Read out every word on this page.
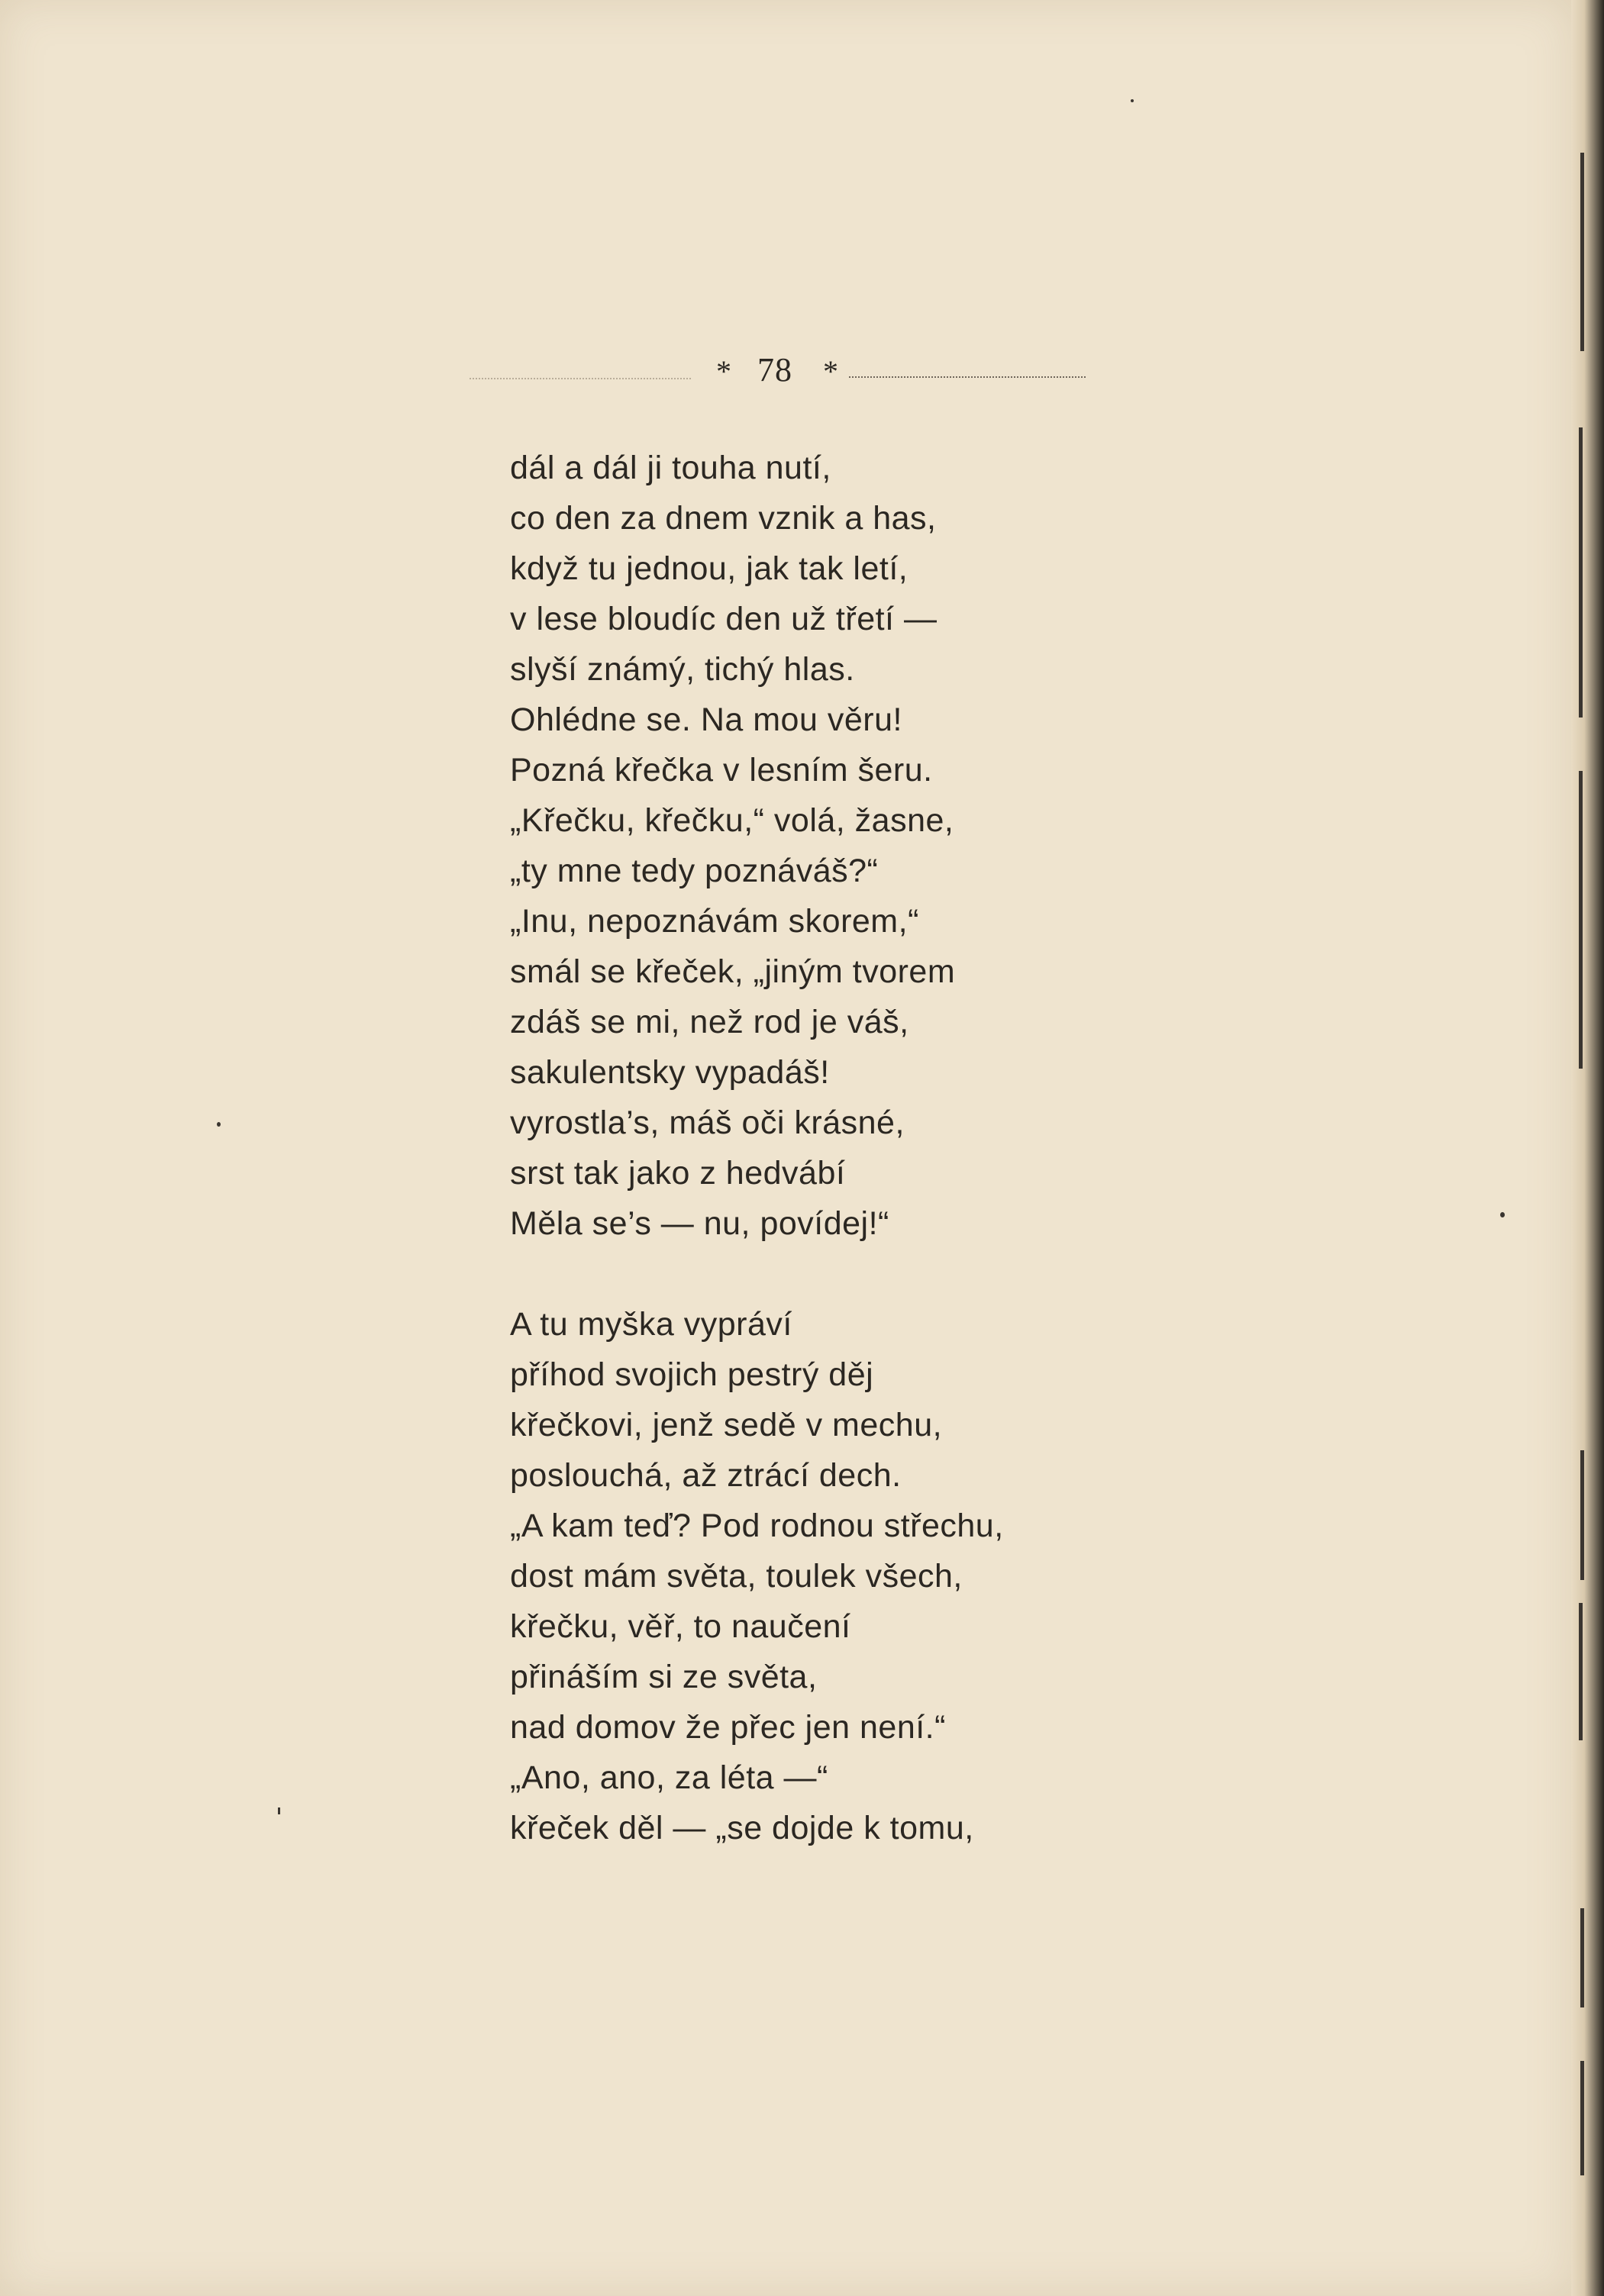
* 78 *
dál a dál ji touha nutí,
co den za dnem vznik a has,
když tu jednou, jak tak letí,
v lese bloudíc den už třetí —
slyší známý, tichý hlas.
Ohlédne se. Na mou věru!
Pozná křečka v lesním šeru.
„Křečku, křečku,“ volá, žasne,
„ty mne tedy poznáváš?“
„Inu, nepoznávám skorem,“
smál se křeček, „jiným tvorem
zdáš se mi, než rod je váš,
sakulentsky vypadáš!
vyrostla’s, máš oči krásné,
srst tak jako z hedvábí
Měla se’s — nu, povídej!“
A tu myška vypráví
příhod svojich pestrý děj
křečkovi, jenž sedě v mechu,
poslouchá, až ztrácí dech.
„A kam teď? Pod rodnou střechu,
dost mám světa, toulek všech,
křečku, věř, to naučení
přináším si ze světa,
nad domov že přec jen není.“
„Ano, ano, za léta —“
křeček děl — „se dojde k tomu,
